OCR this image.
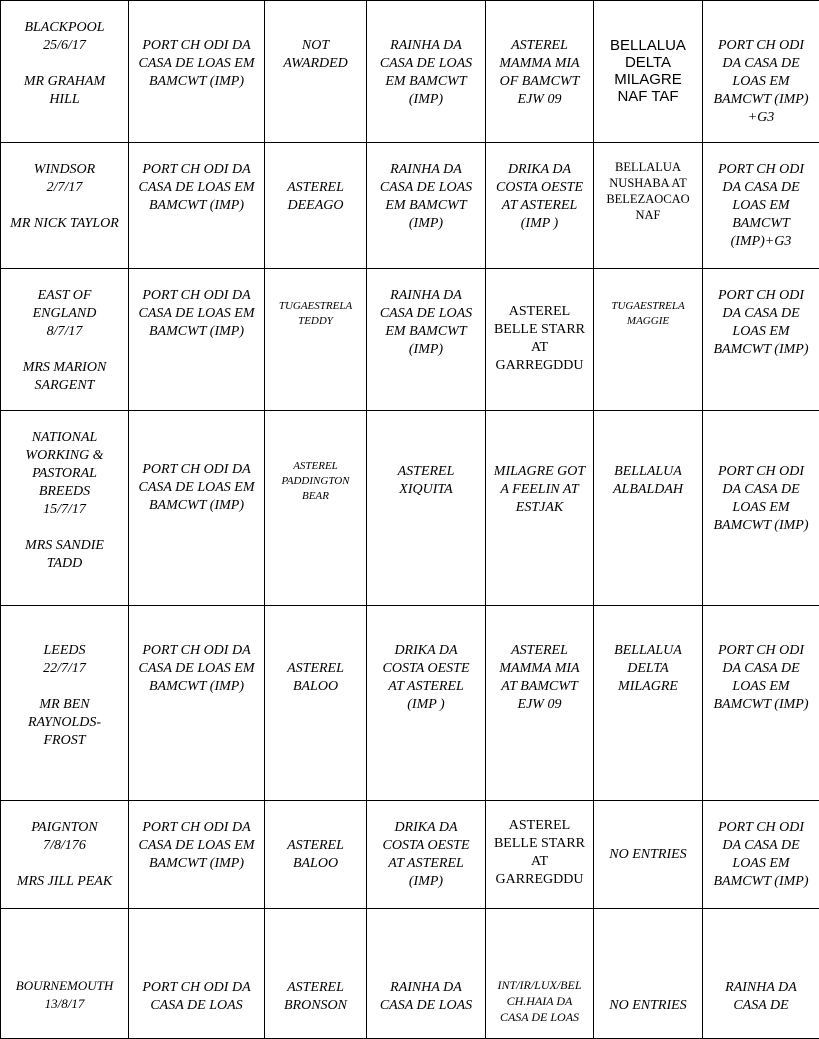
BLACKPOOL
25/6/17
MR GRAHAM HILL	PORT CH ODI DA CASA DE LOAS EM BAMCWT (IMP)	NOT AWARDED	RAINHA DA CASA DE LOAS EM BAMCWT (IMP)	ASTEREL MAMMA MIA OF BAMCWT EJW 09	BELLALUA DELTA MILAGRE NAF TAF	PORT CH ODI DA CASA DE LOAS EM BAMCWT (IMP) +G3

WINDSOR
2/7/17
MR NICK TAYLOR	PORT CH ODI DA CASA DE LOAS EM BAMCWT (IMP)	ASTEREL DEEAGO	RAINHA DA CASA DE LOAS EM BAMCWT (IMP)	DRIKA DA COSTA OESTE AT ASTEREL (IMP )	BELLALUA NUSHABA AT BELEZAOCAO NAF	PORT CH ODI DA CASA DE LOAS EM BAMCWT (IMP)+G3

EAST OF ENGLAND
8/7/17
MRS MARION SARGENT	PORT CH ODI DA CASA DE LOAS EM BAMCWT (IMP)	TUGAESTRELA TEDDY	RAINHA DA CASA DE LOAS EM BAMCWT (IMP)	ASTEREL BELLE STARR AT GARREGDDU	TUGAESTRELA MAGGIE	PORT CH ODI DA CASA DE LOAS EM BAMCWT (IMP)

NATIONAL WORKING & PASTORAL BREEDS
15/7/17
MRS SANDIE TADD	PORT CH ODI DA CASA DE LOAS EM BAMCWT (IMP)	ASTEREL PADDINGTON BEAR	ASTEREL XIQUITA	MILAGRE GOT A FEELIN AT ESTJAK	BELLALUA ALBALDAH	PORT CH ODI DA CASA DE LOAS EM BAMCWT (IMP)

LEEDS
22/7/17
MR BEN RAYNOLDS-FROST	PORT CH ODI DA CASA DE LOAS EM BAMCWT (IMP)	ASTEREL BALOO	DRIKA DA COSTA OESTE AT ASTEREL (IMP )	ASTEREL MAMMA MIA AT BAMCWT EJW 09	BELLALUA DELTA MILAGRE	PORT CH ODI DA CASA DE LOAS EM BAMCWT (IMP)

PAIGNTON
7/8/176
MRS JILL PEAK	PORT CH ODI DA CASA DE LOAS EM BAMCWT (IMP)	ASTEREL BALOO	DRIKA DA COSTA OESTE AT ASTEREL (IMP)	ASTEREL BELLE STARR AT GARREGDDU	NO ENTRIES	PORT CH ODI DA CASA DE LOAS EM BAMCWT (IMP)

BOURNEMOUTH
13/8/17	PORT CH ODI DA CASA DE LOAS	ASTEREL BRONSON	RAINHA DA CASA DE LOAS	INT/IR/LUX/BEL CH.HAIA DA CASA DE LOAS	NO ENTRIES	RAINHA DA CASA DE
